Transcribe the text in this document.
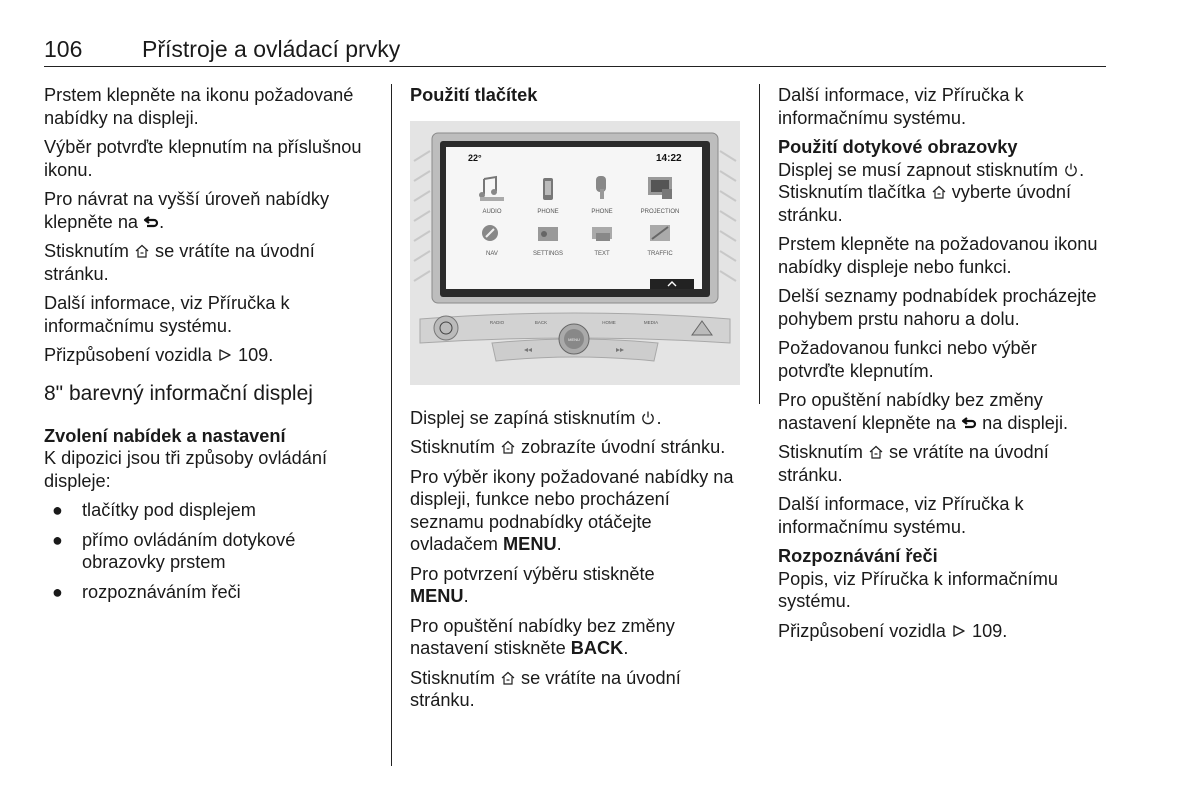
106	Přístroje a ovládací prvky

Prstem klepněte na ikonu požadované nabídky na displeji.

Výběr potvrďte klepnutím na příslušnou ikonu.

Pro návrat na vyšší úroveň nabídky klepněte na .

Stisknutím se vrátíte na úvodní stránku.

Další informace, viz Příručka k informačnímu systému.

Přizpůsobení vozidla 109.

8" barevný informační displej

Zvolení nabídek a nastavení

K dipozici jsou tři způsoby ovládání displeje:

● tlačítky pod displejem
● přímo ovládáním dotykové obrazovky prstem
● rozpoznáváním řeči

Použití tlačítek

22°	14:22
AUDIO	PHONE	PHONE	PROJECTION
NAV	SETTINGS	TEXT	TRAFFIC
MENU
RADIO	BACK	HOME	MEDIA

Displej se zapíná stisknutím .

Stisknutím zobrazíte úvodní stránku.

Pro výběr ikony požadované nabídky na displeji, funkce nebo procházení seznamu podnabídky otáčejte ovladačem MENU.

Pro potvrzení výběru stiskněte
MENU.

Pro opuštění nabídky bez změny nastavení stiskněte BACK.

Stisknutím se vrátíte na úvodní stránku.

Další informace, viz Příručka k informačnímu systému.

Použití dotykové obrazovky

Displej se musí zapnout stisknutím . Stisknutím tlačítka vyberte úvodní stránku.

Prstem klepněte na požadovanou ikonu nabídky displeje nebo funkci.

Delší seznamy podnabídek procházejte pohybem prstu nahoru a dolu.

Požadovanou funkci nebo výběr potvrďte klepnutím.

Pro opuštění nabídky bez změny nastavení klepněte na na displeji.

Stisknutím se vrátíte na úvodní stránku.

Další informace, viz Příručka k informačnímu systému.

Rozpoznávání řeči

Popis, viz Příručka k informačnímu systému.

Přizpůsobení vozidla 109.
